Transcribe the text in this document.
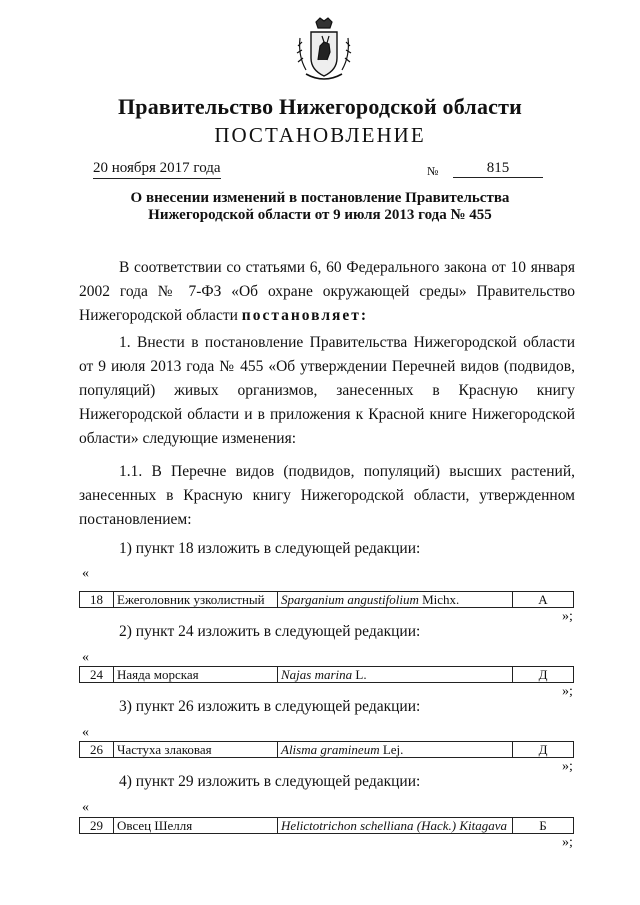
Правительство Нижегородской области
ПОСТАНОВЛЕНИЕ
20 ноября 2017 года	№	815
О внесении изменений в постановление Правительства Нижегородской области от 9 июля 2013 года № 455
В соответствии со статьями 6, 60 Федерального закона от 10 января 2002 года № 7-ФЗ «Об охране окружающей среды» Правительство Нижегородской области постановляет:
1. Внести в постановление Правительства Нижегородской области от 9 июля 2013 года № 455 «Об утверждении Перечней видов (подвидов, популяций) живых организмов, занесенных в Красную книгу Нижегородской области и в приложения к Красной книге Нижегородской области» следующие изменения:
1.1. В Перечне видов (подвидов, популяций) высших растений, занесенных в Красную книгу Нижегородской области, утвержденном постановлением:
1) пункт 18 изложить в следующей редакции:
«
18	Ежеголовник узколистный	Sparganium angustifolium Michx.	А
»;
2) пункт 24 изложить в следующей редакции:
«
24	Наяда морская	Najas marina L.	Д
»;
3) пункт 26 изложить в следующей редакции:
«
26	Частуха злаковая	Alisma gramineum Lej.	Д
»;
4) пункт 29 изложить в следующей редакции:
«
29	Овсец Шелля	Helictotrichon schelliana (Hack.) Kitagava	Б
»;
